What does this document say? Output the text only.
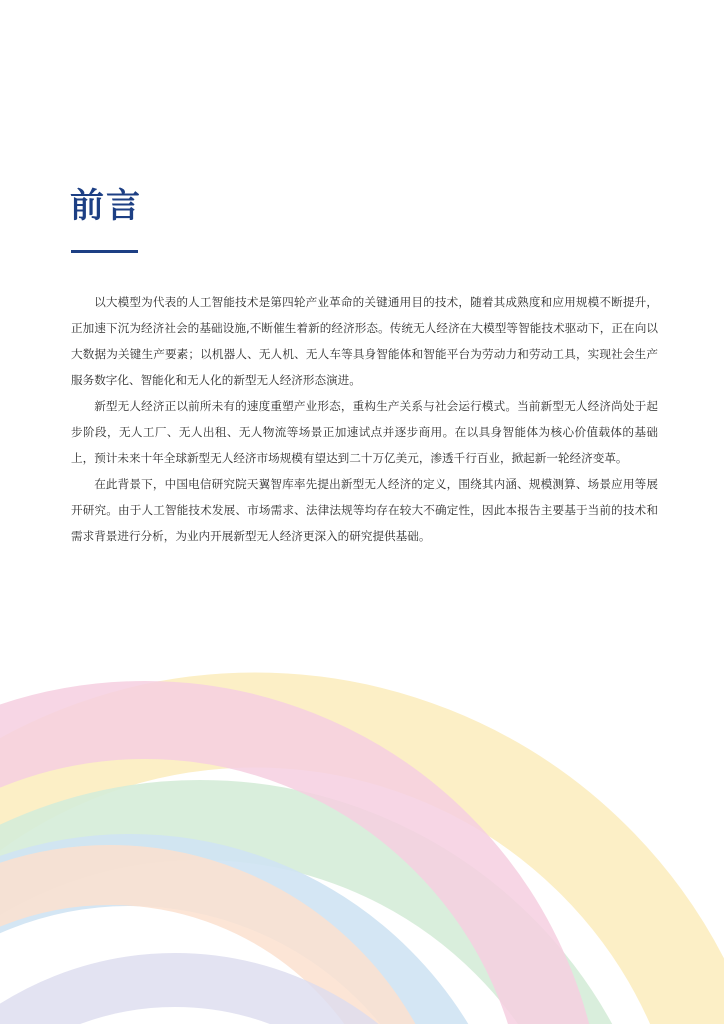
前言

以大模型为代表的人工智能技术是第四轮产业革命的关键通用目的技术，随着其成熟度和应用规模不断提升，正加速下沉为经济社会的基础设施,不断催生着新的经济形态。传统无人经济在大模型等智能技术驱动下，正在向以大数据为关键生产要素；以机器人、无人机、无人车等具身智能体和智能平台为劳动力和劳动工具，实现社会生产服务数字化、智能化和无人化的新型无人经济形态演进。

新型无人经济正以前所未有的速度重塑产业形态，重构生产关系与社会运行模式。当前新型无人经济尚处于起步阶段，无人工厂、无人出租、无人物流等场景正加速试点并逐步商用。在以具身智能体为核心价值载体的基础上，预计未来十年全球新型无人经济市场规模有望达到二十万亿美元，渗透千行百业，掀起新一轮经济变革。

在此背景下，中国电信研究院天翼智库率先提出新型无人经济的定义，围绕其内涵、规模测算、场景应用等展开研究。由于人工智能技术发展、市场需求、法律法规等均存在较大不确定性，因此本报告主要基于当前的技术和需求背景进行分析，为业内开展新型无人经济更深入的研究提供基础。
